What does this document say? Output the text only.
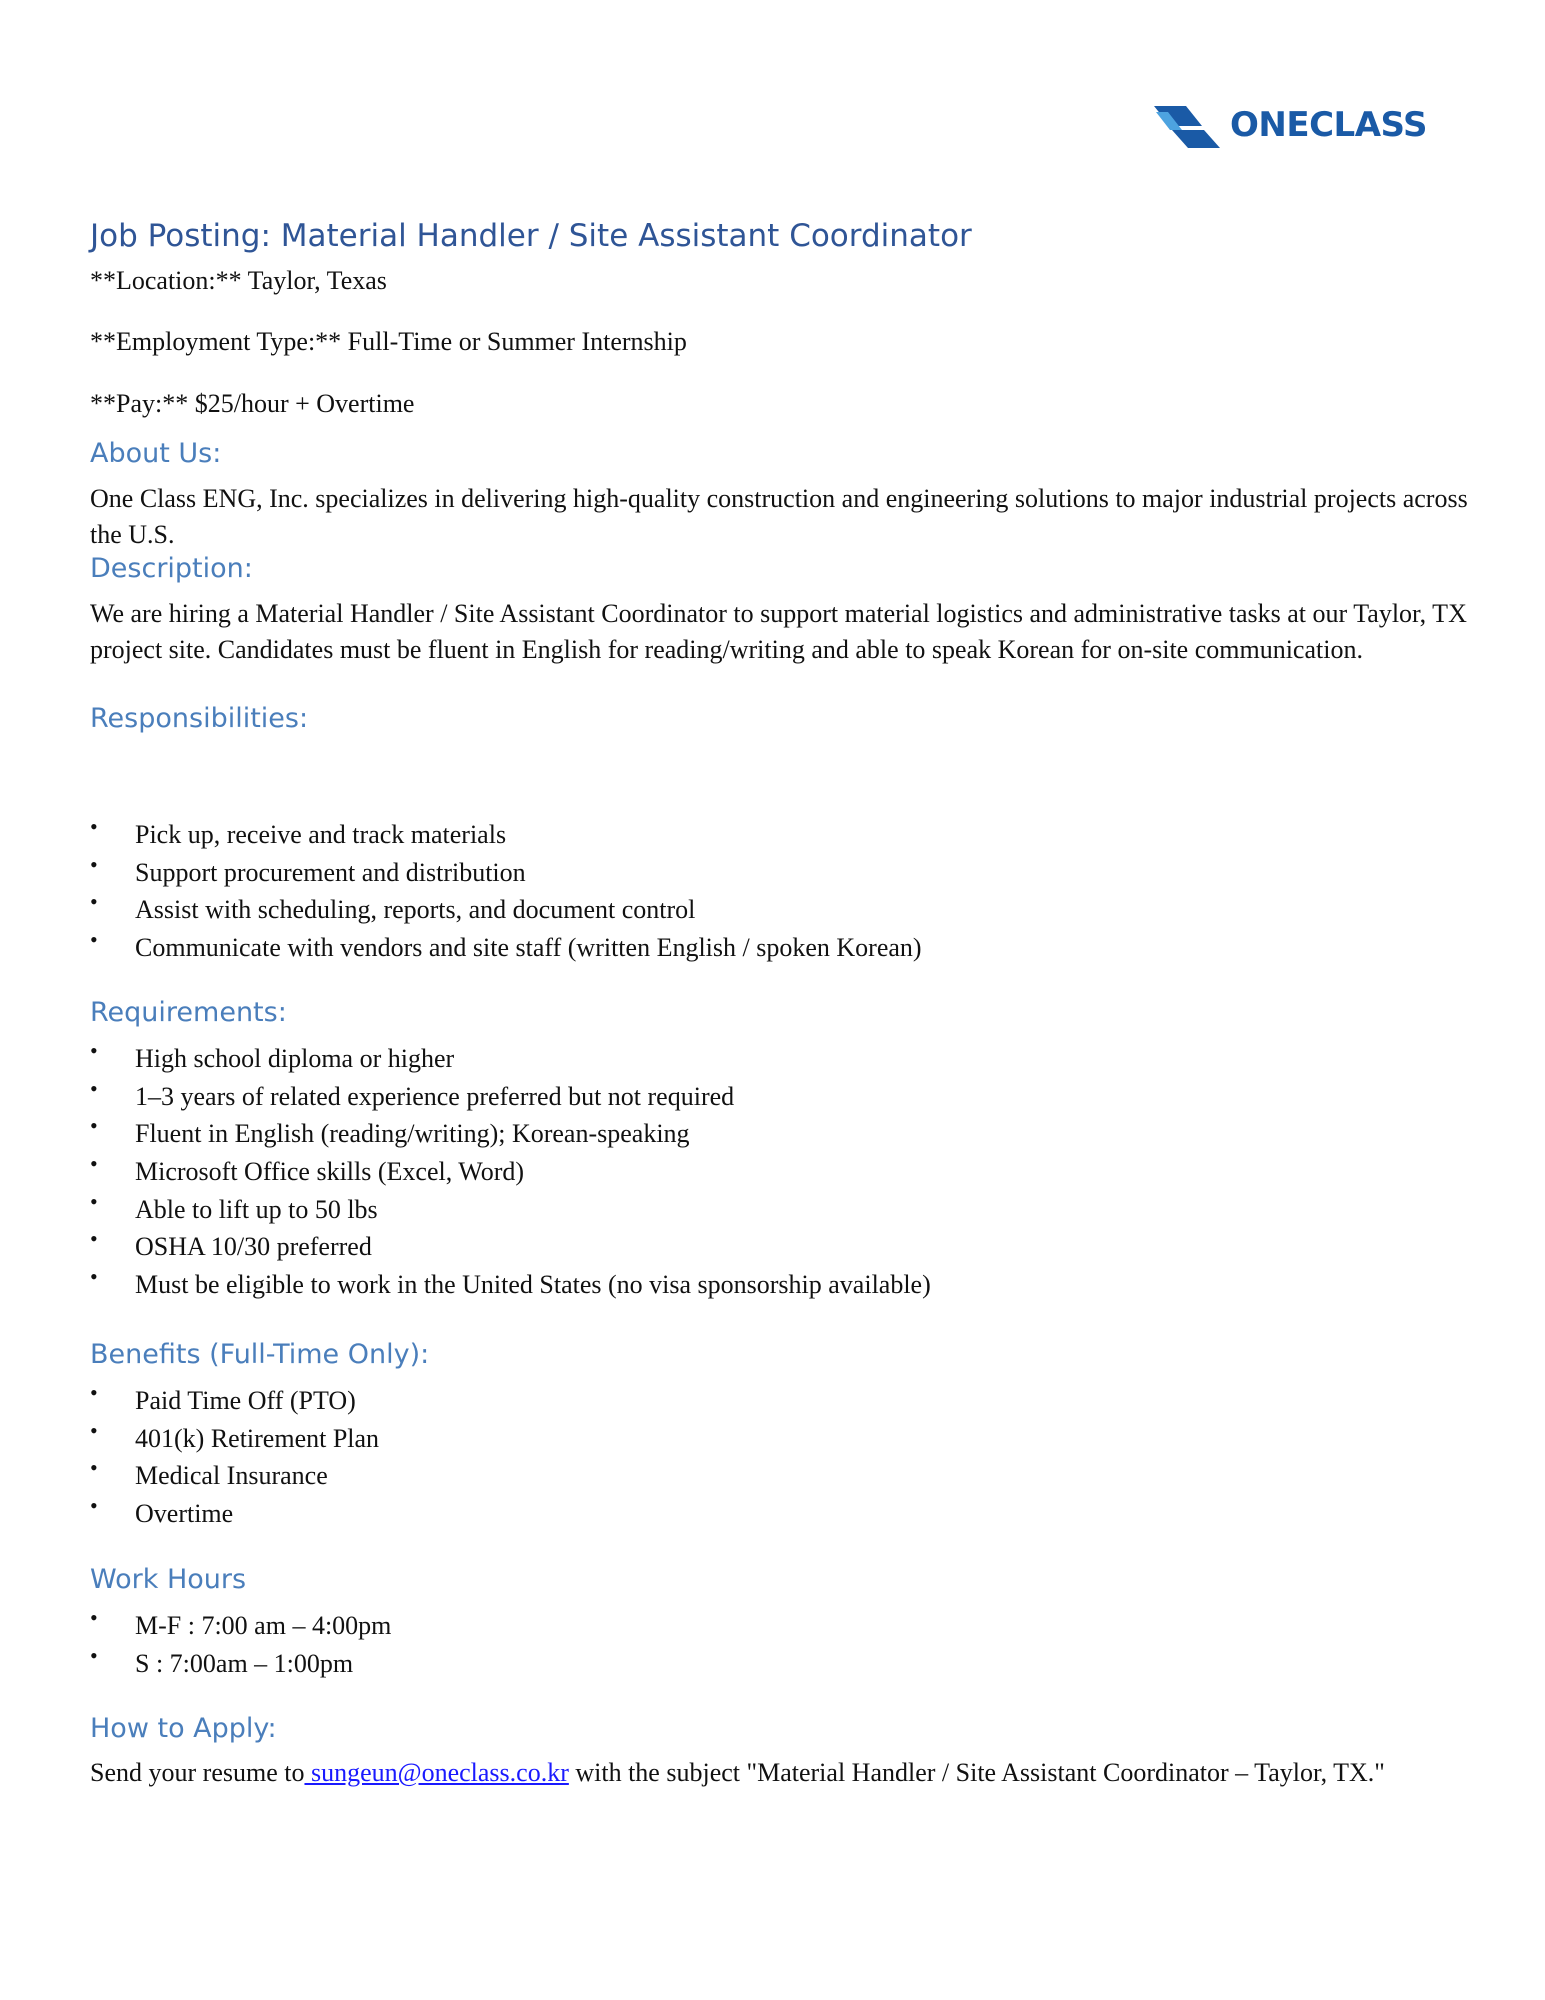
ONECLASS
Job Posting: Material Handler / Site Assistant Coordinator
**Location:** Taylor, Texas
**Employment Type:** Full-Time or Summer Internship
**Pay:** $25/hour + Overtime
About Us:
One Class ENG, Inc. specializes in delivering high-quality construction and engineering solutions to major industrial projects across the U.S.
Description:
We are hiring a Material Handler / Site Assistant Coordinator to support material logistics and administrative tasks at our Taylor, TX project site. Candidates must be fluent in English for reading/writing and able to speak Korean for on-site communication.
Responsibilities:
• Pick up, receive and track materials
• Support procurement and distribution
• Assist with scheduling, reports, and document control
• Communicate with vendors and site staff (written English / spoken Korean)
Requirements:
• High school diploma or higher
• 1–3 years of related experience preferred but not required
• Fluent in English (reading/writing); Korean-speaking
• Microsoft Office skills (Excel, Word)
• Able to lift up to 50 lbs
• OSHA 10/30 preferred
• Must be eligible to work in the United States (no visa sponsorship available)
Benefits (Full-Time Only):
• Paid Time Off (PTO)
• 401(k) Retirement Plan
• Medical Insurance
• Overtime
Work Hours
• M-F : 7:00 am – 4:00pm
• S : 7:00am – 1:00pm
How to Apply:
Send your resume to sungeun@oneclass.co.kr with the subject "Material Handler / Site Assistant Coordinator – Taylor, TX."
